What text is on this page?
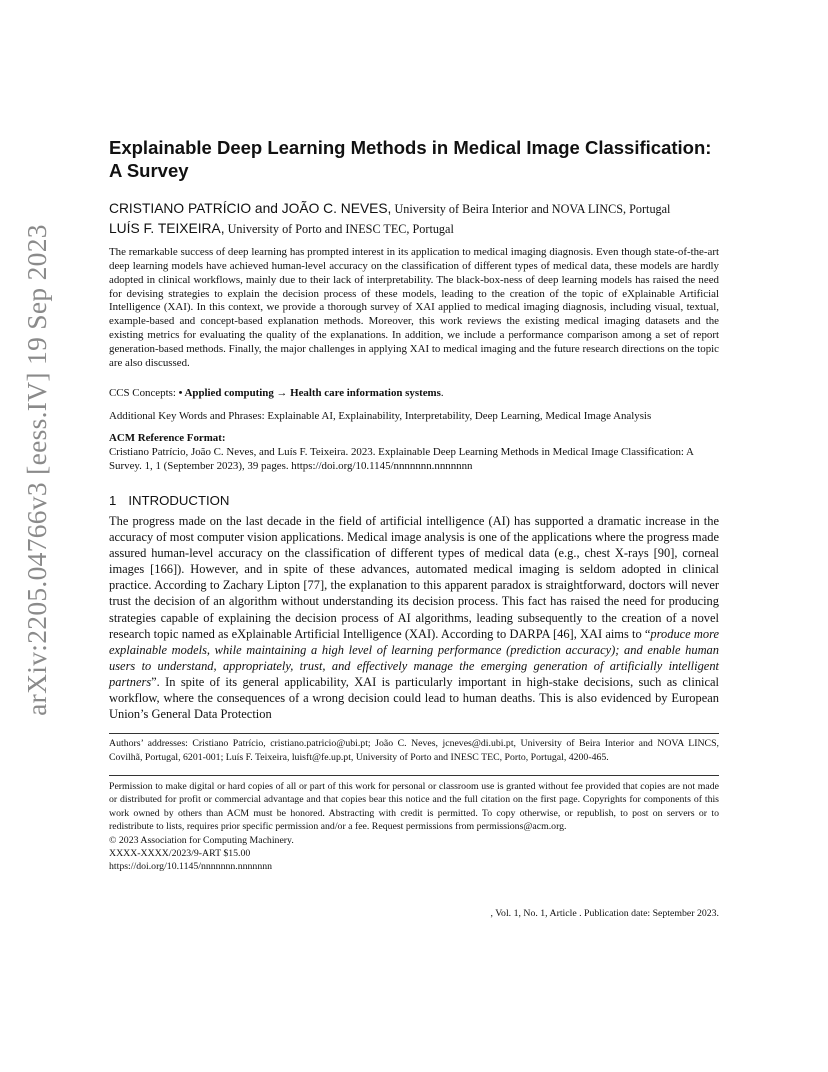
arXiv:2205.04766v3 [eess.IV] 19 Sep 2023
Explainable Deep Learning Methods in Medical Image Classification: A Survey
CRISTIANO PATRÍCIO and JOÃO C. NEVES, University of Beira Interior and NOVA LINCS, Portugal
LUÍS F. TEIXEIRA, University of Porto and INESC TEC, Portugal

The remarkable success of deep learning has prompted interest in its application to medical imaging diagnosis. Even though state-of-the-art deep learning models have achieved human-level accuracy on the classification of different types of medical data, these models are hardly adopted in clinical workflows, mainly due to their lack of interpretability. The black-box-ness of deep learning models has raised the need for devising strategies to explain the decision process of these models, leading to the creation of the topic of eXplainable Artificial Intelligence (XAI). In this context, we provide a thorough survey of XAI applied to medical imaging diagnosis, including visual, textual, example-based and concept-based explanation methods. Moreover, this work reviews the existing medical imaging datasets and the existing metrics for evaluating the quality of the explanations. In addition, we include a performance comparison among a set of report generation-based methods. Finally, the major challenges in applying XAI to medical imaging and the future research directions on the topic are also discussed.

CCS Concepts: • Applied computing → Health care information systems.
Additional Key Words and Phrases: Explainable AI, Explainability, Interpretability, Deep Learning, Medical Image Analysis
ACM Reference Format:
Cristiano Patrício, João C. Neves, and Luís F. Teixeira. 2023. Explainable Deep Learning Methods in Medical Image Classification: A Survey. 1, 1 (September 2023), 39 pages. https://doi.org/10.1145/nnnnnnn.nnnnnnn
1 INTRODUCTION

The progress made on the last decade in the field of artificial intelligence (AI) has supported a dramatic increase in the accuracy of most computer vision applications. Medical image analysis is one of the applications where the progress made assured human-level accuracy on the classification of different types of medical data (e.g., chest X-rays [90], corneal images [166]). However, and in spite of these advances, automated medical imaging is seldom adopted in clinical practice. According to Zachary Lipton [77], the explanation to this apparent paradox is straightforward, doctors will never trust the decision of an algorithm without understanding its decision process. This fact has raised the need for producing strategies capable of explaining the decision process of AI algorithms, leading subsequently to the creation of a novel research topic named as eXplainable Artificial Intelligence (XAI). According to DARPA [46], XAI aims to “produce more explainable models, while maintaining a high level of learning performance (prediction accuracy); and enable human users to understand, appropriately, trust, and effectively manage the emerging generation of artificially intelligent partners”. In spite of its general applicability, XAI is particularly important in high-stake decisions, such as clinical workflow, where the consequences of a wrong decision could lead to human deaths. This is also evidenced by European Union’s General Data Protection

Authors’ addresses: Cristiano Patrício, cristiano.patricio@ubi.pt; João C. Neves, jcneves@di.ubi.pt, University of Beira Interior and NOVA LINCS, Covilhã, Portugal, 6201-001; Luís F. Teixeira, luisft@fe.up.pt, University of Porto and INESC TEC, Porto, Portugal, 4200-465.

Permission to make digital or hard copies of all or part of this work for personal or classroom use is granted without fee provided that copies are not made or distributed for profit or commercial advantage and that copies bear this notice and the full citation on the first page. Copyrights for components of this work owned by others than ACM must be honored. Abstracting with credit is permitted. To copy otherwise, or republish, to post on servers or to redistribute to lists, requires prior specific permission and/or a fee. Request permissions from permissions@acm.org.

© 2023 Association for Computing Machinery.

XXXX-XXXX/2023/9-ART $15.00

https://doi.org/10.1145/nnnnnnn.nnnnnnn

, Vol. 1, No. 1, Article . Publication date: September 2023.
